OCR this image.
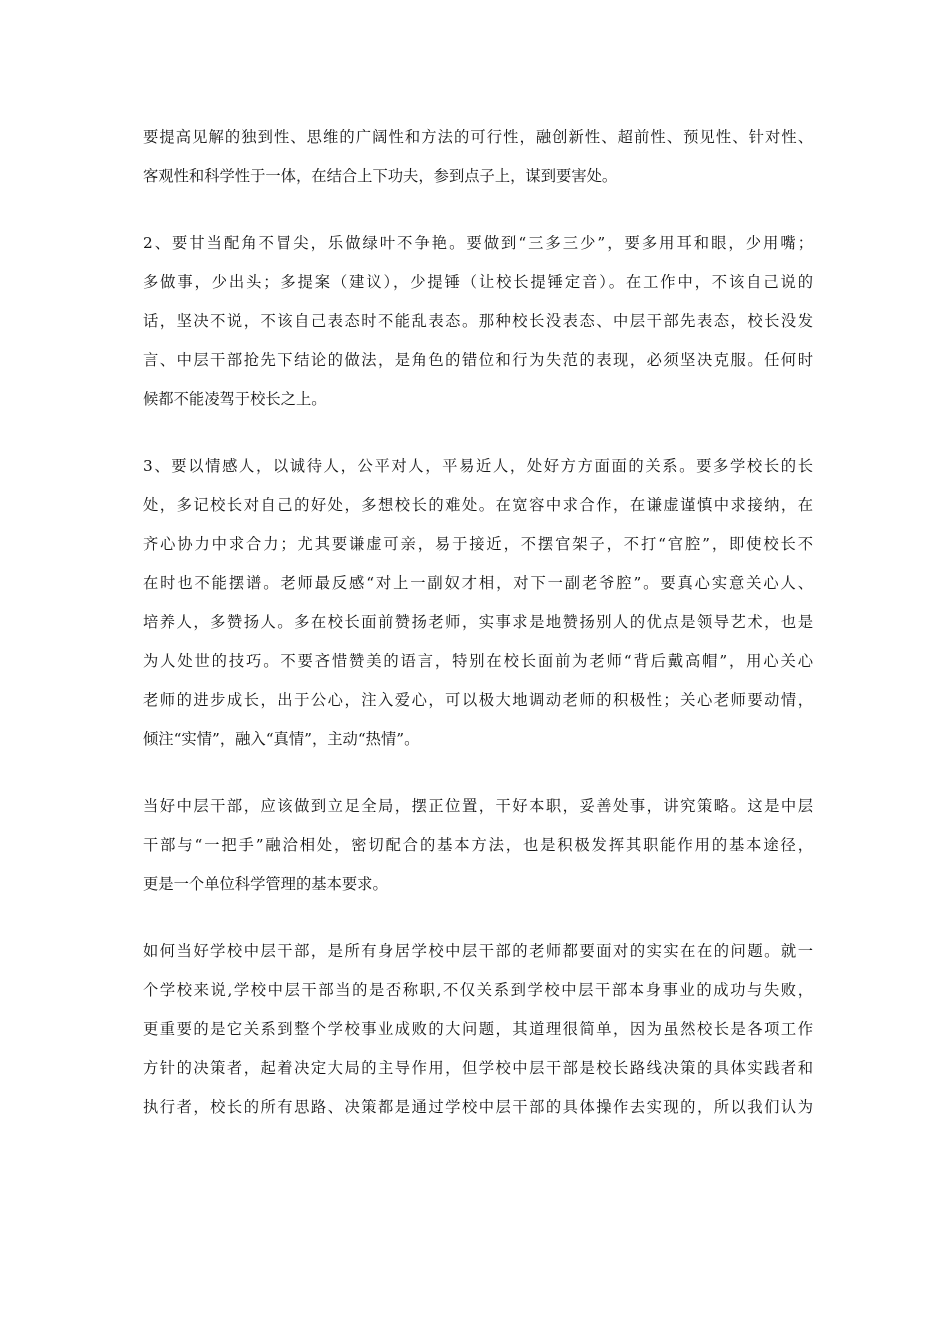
要提高见解的独到性、思维的广阔性和方法的可行性，融创新性、超前性、预见性、针对性、
客观性和科学性于一体，在结合上下功夫，参到点子上，谋到要害处。
2、要甘当配角不冒尖，乐做绿叶不争艳。要做到“三多三少”，要多用耳和眼，少用嘴；
多做事，少出头；多提案（建议），少提锤（让校长提锤定音）。在工作中，不该自己说的
话，坚决不说，不该自己表态时不能乱表态。那种校长没表态、中层干部先表态，校长没发
言、中层干部抢先下结论的做法，是角色的错位和行为失范的表现，必须坚决克服。任何时
候都不能凌驾于校长之上。
3、要以情感人，以诚待人，公平对人，平易近人，处好方方面面的关系。要多学校长的长
处，多记校长对自己的好处，多想校长的难处。在宽容中求合作，在谦虚谨慎中求接纳，在
齐心协力中求合力；尤其要谦虚可亲，易于接近，不摆官架子，不打“官腔”，即使校长不
在时也不能摆谱。老师最反感“对上一副奴才相，对下一副老爷腔”。要真心实意关心人、
培养人，多赞扬人。多在校长面前赞扬老师，实事求是地赞扬别人的优点是领导艺术，也是
为人处世的技巧。不要吝惜赞美的语言，特别在校长面前为老师“背后戴高帽”，用心关心
老师的进步成长，出于公心，注入爱心，可以极大地调动老师的积极性；关心老师要动情，
倾注“实情”，融入“真情”，主动“热情”。
当好中层干部，应该做到立足全局，摆正位置，干好本职，妥善处事，讲究策略。这是中层
干部与“一把手”融洽相处，密切配合的基本方法，也是积极发挥其职能作用的基本途径，
更是一个单位科学管理的基本要求。
如何当好学校中层干部，是所有身居学校中层干部的老师都要面对的实实在在的问题。就一
个学校来说,学校中层干部当的是否称职,不仅关系到学校中层干部本身事业的成功与失败，
更重要的是它关系到整个学校事业成败的大问题，其道理很简单，因为虽然校长是各项工作
方针的决策者，起着决定大局的主导作用，但学校中层干部是校长路线决策的具体实践者和
执行者，校长的所有思路、决策都是通过学校中层干部的具体操作去实现的，所以我们认为
